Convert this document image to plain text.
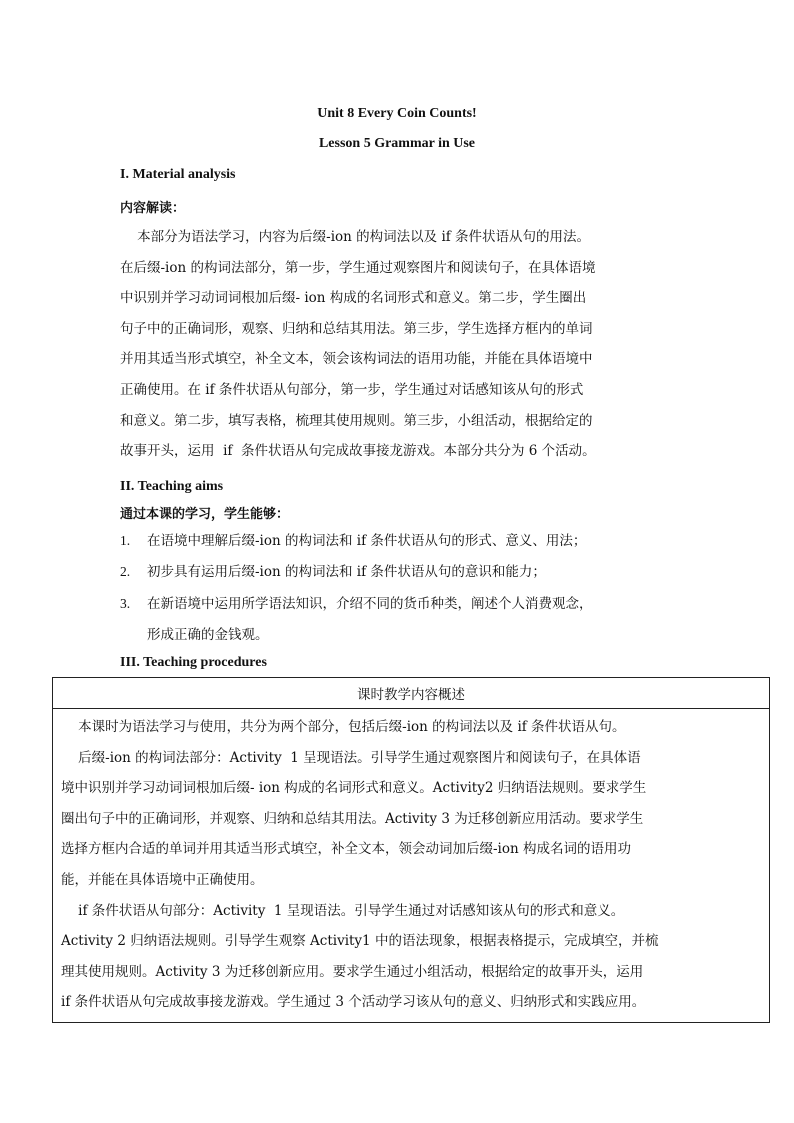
Unit 8 Every Coin Counts!
Lesson 5 Grammar in Use
I. Material analysis
内容解读：

本部分为语法学习，内容为后缀-ion 的构词法以及 if 条件状语从句的用法。

在后缀-ion 的构词法部分，第一步，学生通过观察图片和阅读句子，在具体语境

中识别并学习动词词根加后缀- ion 构成的名词形式和意义。第二步，学生圈出

句子中的正确词形，观察、归纳和总结其用法。第三步，学生选择方框内的单词

并用其适当形式填空，补全文本，领会该构词法的语用功能，并能在具体语境中

正确使用。在 if 条件状语从句部分，第一步，学生通过对话感知该从句的形式

和意义。第二步，填写表格，梳理其使用规则。第三步，小组活动，根据给定的

故事开头，运用  if  条件状语从句完成故事接龙游戏。本部分共分为 6 个活动。

II. Teaching aims
通过本课的学习，学生能够：
1. 在语境中理解后缀-ion 的构词法和 if 条件状语从句的形式、意义、用法；
2. 初步具有运用后缀-ion 的构词法和 if 条件状语从句的意识和能力；
3. 在新语境中运用所学语法知识，介绍不同的货币种类，阐述个人消费观念，
形成正确的金钱观。
III. Teaching procedures
课时教学内容概述

本课时为语法学习与使用，共分为两个部分，包括后缀-ion 的构词法以及 if 条件状语从句。

后缀-ion 的构词法部分：Activity  1 呈现语法。引导学生通过观察图片和阅读句子，在具体语

境中识别并学习动词词根加后缀- ion 构成的名词形式和意义。Activity2 归纳语法规则。要求学生

圈出句子中的正确词形，并观察、归纳和总结其用法。Activity 3 为迁移创新应用活动。要求学生

选择方框内合适的单词并用其适当形式填空，补全文本，领会动词加后缀-ion 构成名词的语用功

能，并能在具体语境中正确使用。

if 条件状语从句部分：Activity  1 呈现语法。引导学生通过对话感知该从句的形式和意义。

Activity 2 归纳语法规则。引导学生观察 Activity1 中的语法现象，根据表格提示，完成填空，并梳

理其使用规则。Activity 3 为迁移创新应用。要求学生通过小组活动，根据给定的故事开头，运用

if 条件状语从句完成故事接龙游戏。学生通过 3 个活动学习该从句的意义、归纳形式和实践应用。
